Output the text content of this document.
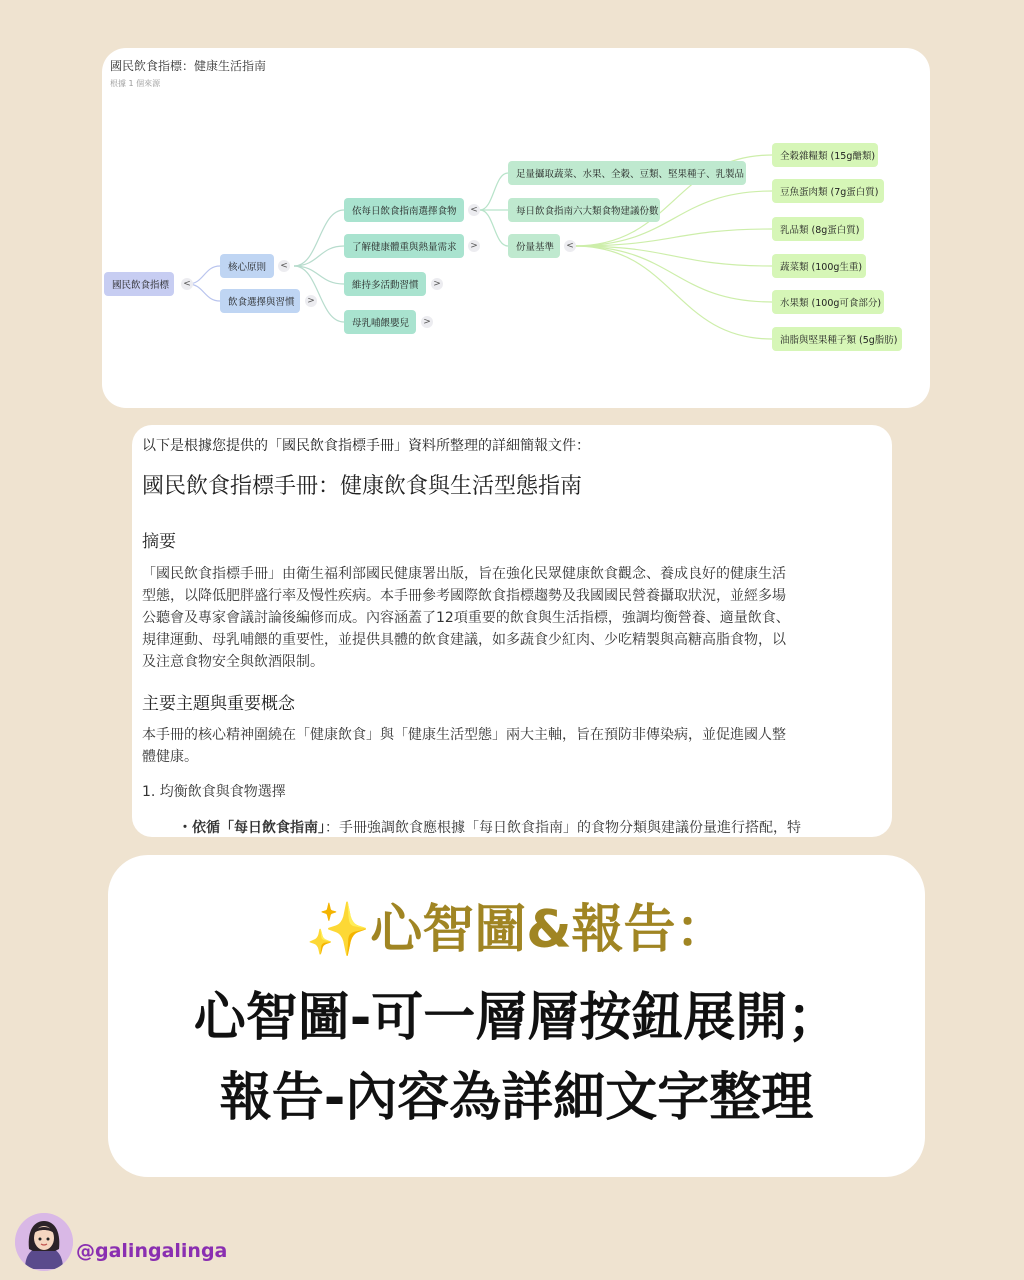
國民飲食指標：健康生活指南
根據 1 個來源
國民飲食指標	<
核心原則	<
飲食選擇與習慣	>
依每日飲食指南選擇食物	<
了解健康體重與熱量需求	>
維持多活動習慣	>
母乳哺餵嬰兒	>
足量攝取蔬菜、水果、全穀、豆類、堅果種子、乳製品
每日飲食指南六大類食物建議份數
份量基準	<
全穀雜糧類 (15g醣類)
豆魚蛋肉類 (7g蛋白質)
乳品類 (8g蛋白質)
蔬菜類 (100g生重)
水果類 (100g可食部分)
油脂與堅果種子類 (5g脂肪)
以下是根據您提供的「國民飲食指標手冊」資料所整理的詳細簡報文件：
國民飲食指標手冊：健康飲食與生活型態指南
摘要
「國民飲食指標手冊」由衛生福利部國民健康署出版，旨在強化民眾健康飲食觀念、養成良好的健康生活
型態，以降低肥胖盛行率及慢性疾病。本手冊參考國際飲食指標趨勢及我國國民營養攝取狀況，並經多場
公聽會及專家會議討論後編修而成。內容涵蓋了12項重要的飲食與生活指標，強調均衡營養、適量飲食、
規律運動、母乳哺餵的重要性，並提供具體的飲食建議，如多蔬食少紅肉、少吃精製與高糖高脂食物，以
及注意食物安全與飲酒限制。
主要主題與重要概念
本手冊的核心精神圍繞在「健康飲食」與「健康生活型態」兩大主軸，旨在預防非傳染病，並促進國人整
體健康。
1. 均衡飲食與食物選擇
・依循「每日飲食指南」：手冊強調飲食應根據「每日飲食指南」的食物分類與建議份量進行搭配，特
✨心智圖&報告：
心智圖-可一層層按鈕展開；
報告-內容為詳細文字整理
@galingalinga
